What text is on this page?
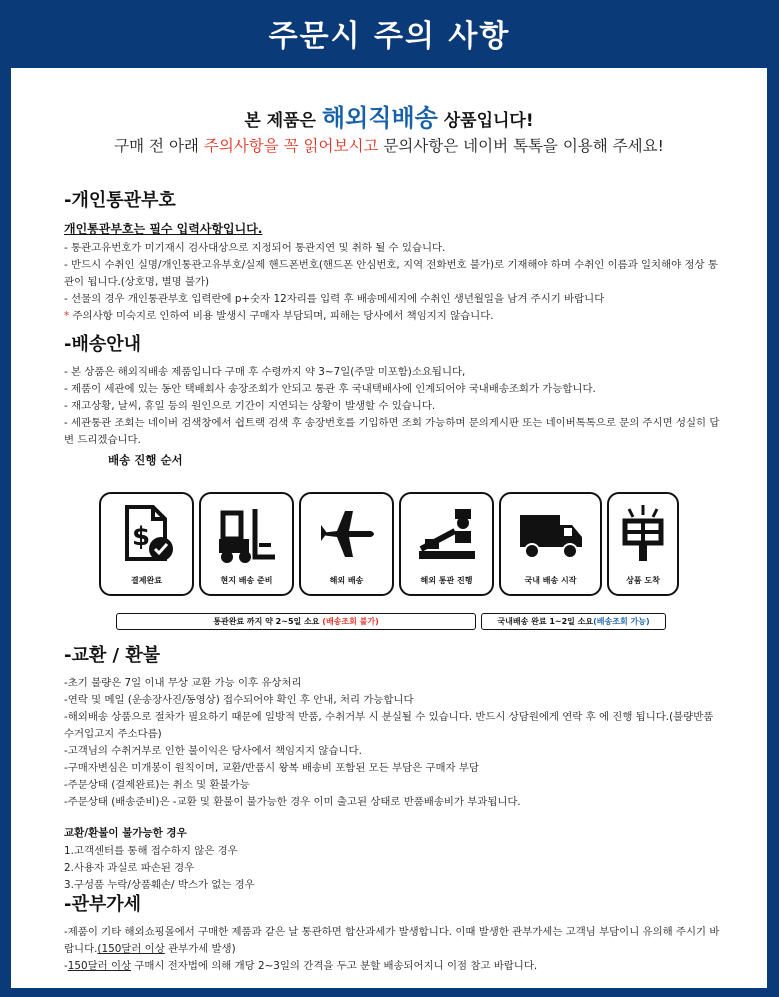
주문시 주의 사항
본 제품은 해외직배송 상품입니다!
구매 전 아래 주의사항을 꼭 읽어보시고 문의사항은 네이버 톡톡을 이용해 주세요!
-개인통관부호
개인통관부호는 필수 입력사항입니다.

- 통관고유번호가 미기재시 검사대상으로 지정되어 통관지연 및 취하 될 수 있습니다.

- 반드시 수취인 실명/개인통관고유부호/실제 핸드폰번호(핸드폰 안심번호, 지역 전화번호 불가)로 기재해야 하며 수취인 이름과 일치해야 정상 통관이 됩니다.(상호명, 별명 불가)

- 선물의 경우 개인통관부호 입력란에 p+숫자 12자리를 입력 후 배송메세지에 수취인 생년월일을 남겨 주시기 바랍니다

* 주의사항 미숙지로 인하여 비용 발생시 구매자 부담되며, 피해는 당사에서 책임지지 않습니다.

-배송안내

- 본 상품은 해외직배송 제품입니다 구매 후 수령까지 약 3~7일(주말 미포함)소요됩니다,

- 제품이 세관에 있는 동안 택배회사 송장조회가 안되고 통관 후 국내택배사에 인계되어야 국내배송조회가 가능합니다.

- 재고상황, 날씨, 휴일 등의 원인으로 기간이 지연되는 상황이 발생할 수 있습니다.

- 세관통관 조회는 네이버 검색창에서 쉽트랙 검색 후 송장번호를 기입하면 조회 가능하며 문의게시판 또는 네이버톡톡으로 문의 주시면 성실히 답변 드리겠습니다.

배송 진행 순서
$
결제완료	현지 배송 준비	해외 배송	해외 통관 진행	국내 배송 시작	상품 도착
통관완료 까지 약 2~5일 소요
(배송조회 불가)	국내배송 완료 1~2일 소요 (배송조회 가능)
-교환 / 환불

-초기 불량은 7일 이내 무상 교환 가능 이후 유상처리

-연락 및 메일 (운송장사진/동영상) 접수되어야 확인 후 안내, 처리 가능합니다

-해외배송 상품으로 절차가 필요하기 때문에 일방적 반품, 수취거부 시 분실될 수 있습니다. 반드시 상담원에게 연락 후 에 진행 됩니다.(불량반품 수거입고지 주소다름)

-고객님의 수취거부로 인한 불이익은 당사에서 책임지지 않습니다.

-구매자변심은 미개봉이 원칙이며, 교환/반품시 왕복 배송비 포함된 모든 부담은 구매자 부담

-주문상태 (결제완료)는 취소 및 환불가능

-주문상태 (배송준비)은 -교환 및 환불이 불가능한 경우 이미 출고된 상태로 반품배송비가 부과됩니다.

교환/환불이 불가능한 경우

1.고객센터를 통해 접수하지 않은 경우

2.사용자 과실로 파손된 경우

3.구성품 누락/상품훼손/ 박스가 없는 경우

-관부가세

-제품이 기타 해외쇼핑몰에서 구매한 제품과 같은 날 통관하면 합산과세가 발생합니다. 이때 발생한 관부가세는 고객님 부담이니 유의해 주시기 바랍니다.(150달러 이상 관부가세 발생)

-150달러 이상 구매시 전자법에 의해 개당 2~3일의 간격을 두고 분할 배송되어지니 이점 참고 바랍니다.
